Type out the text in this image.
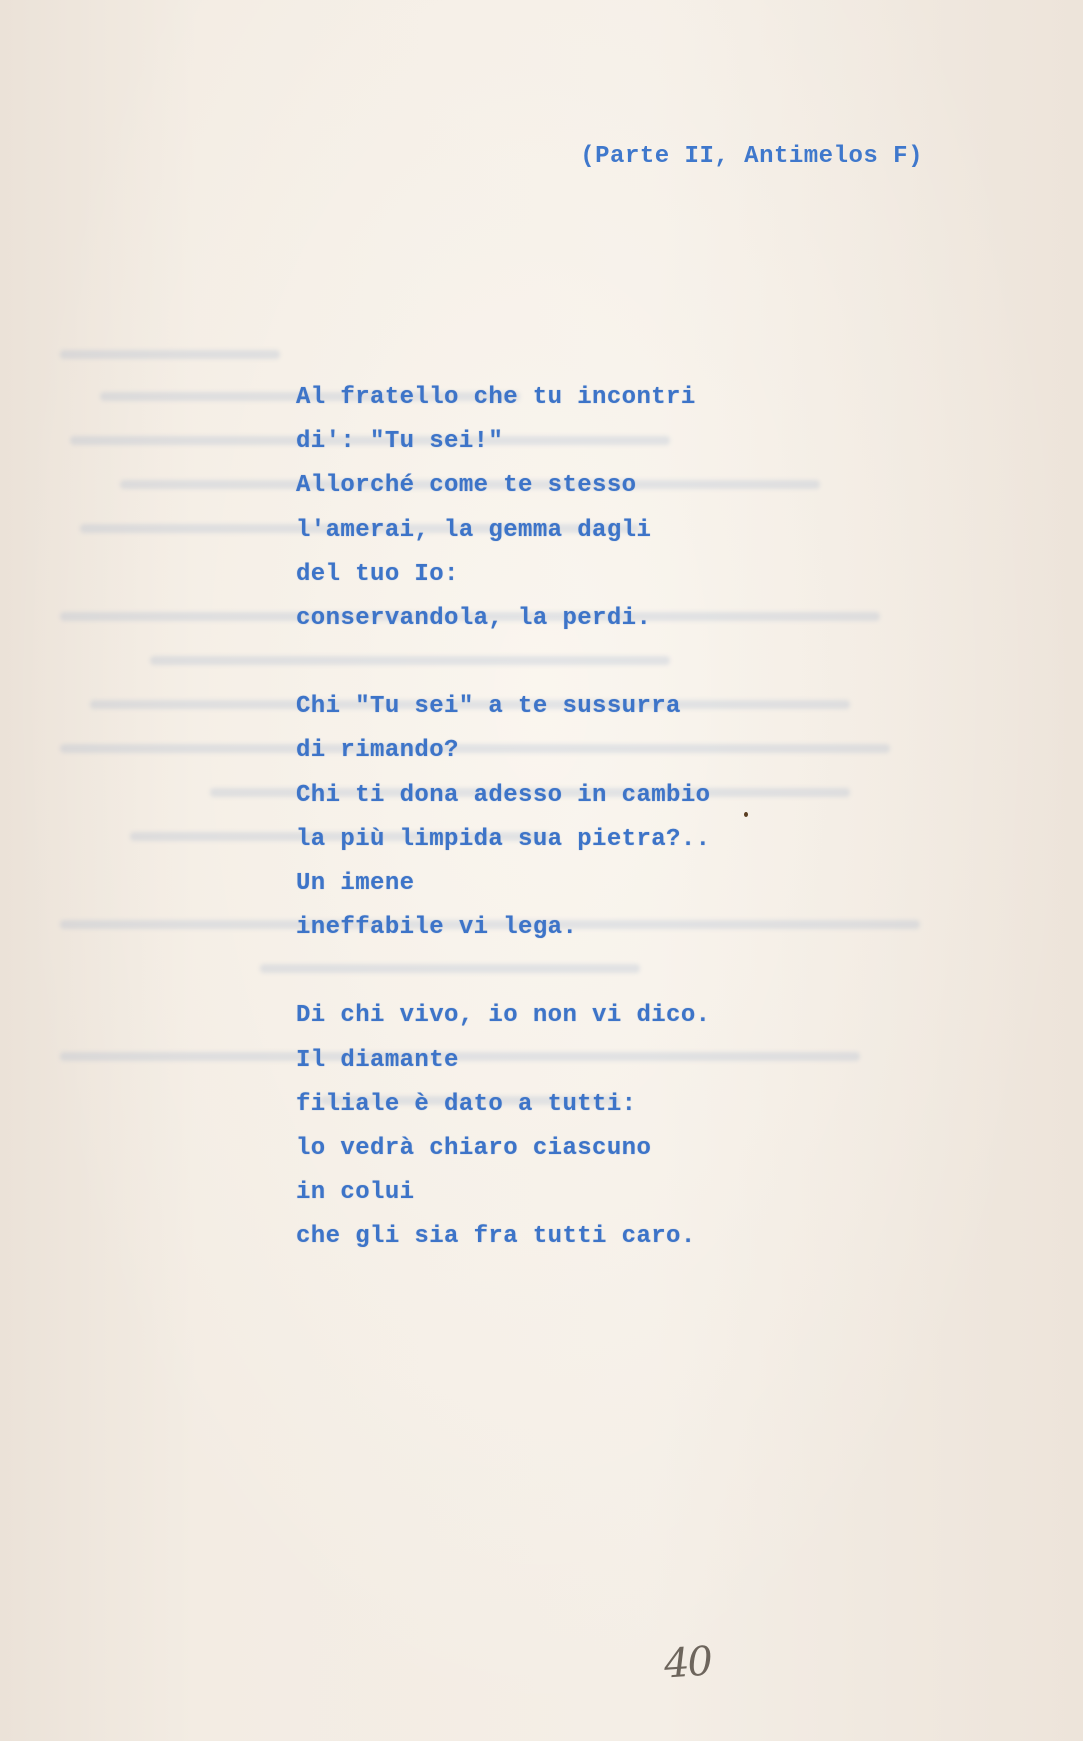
(Parte II, Antimelos F)
Al fratello che tu incontri
di': "Tu sei!"
Allorché come te stesso
l'amerai, la gemma dagli
del tuo Io:
conservandola, la perdi.
Chi "Tu sei" a te sussurra
di rimando?
Chi ti dona adesso in cambio
la più limpida sua pietra?..
Un imene
ineffabile vi lega.
Di chi vivo, io non vi dico.
Il diamante
filiale è dato a tutti:
lo vedrà chiaro ciascuno
in colui
che gli sia fra tutti caro.
40
